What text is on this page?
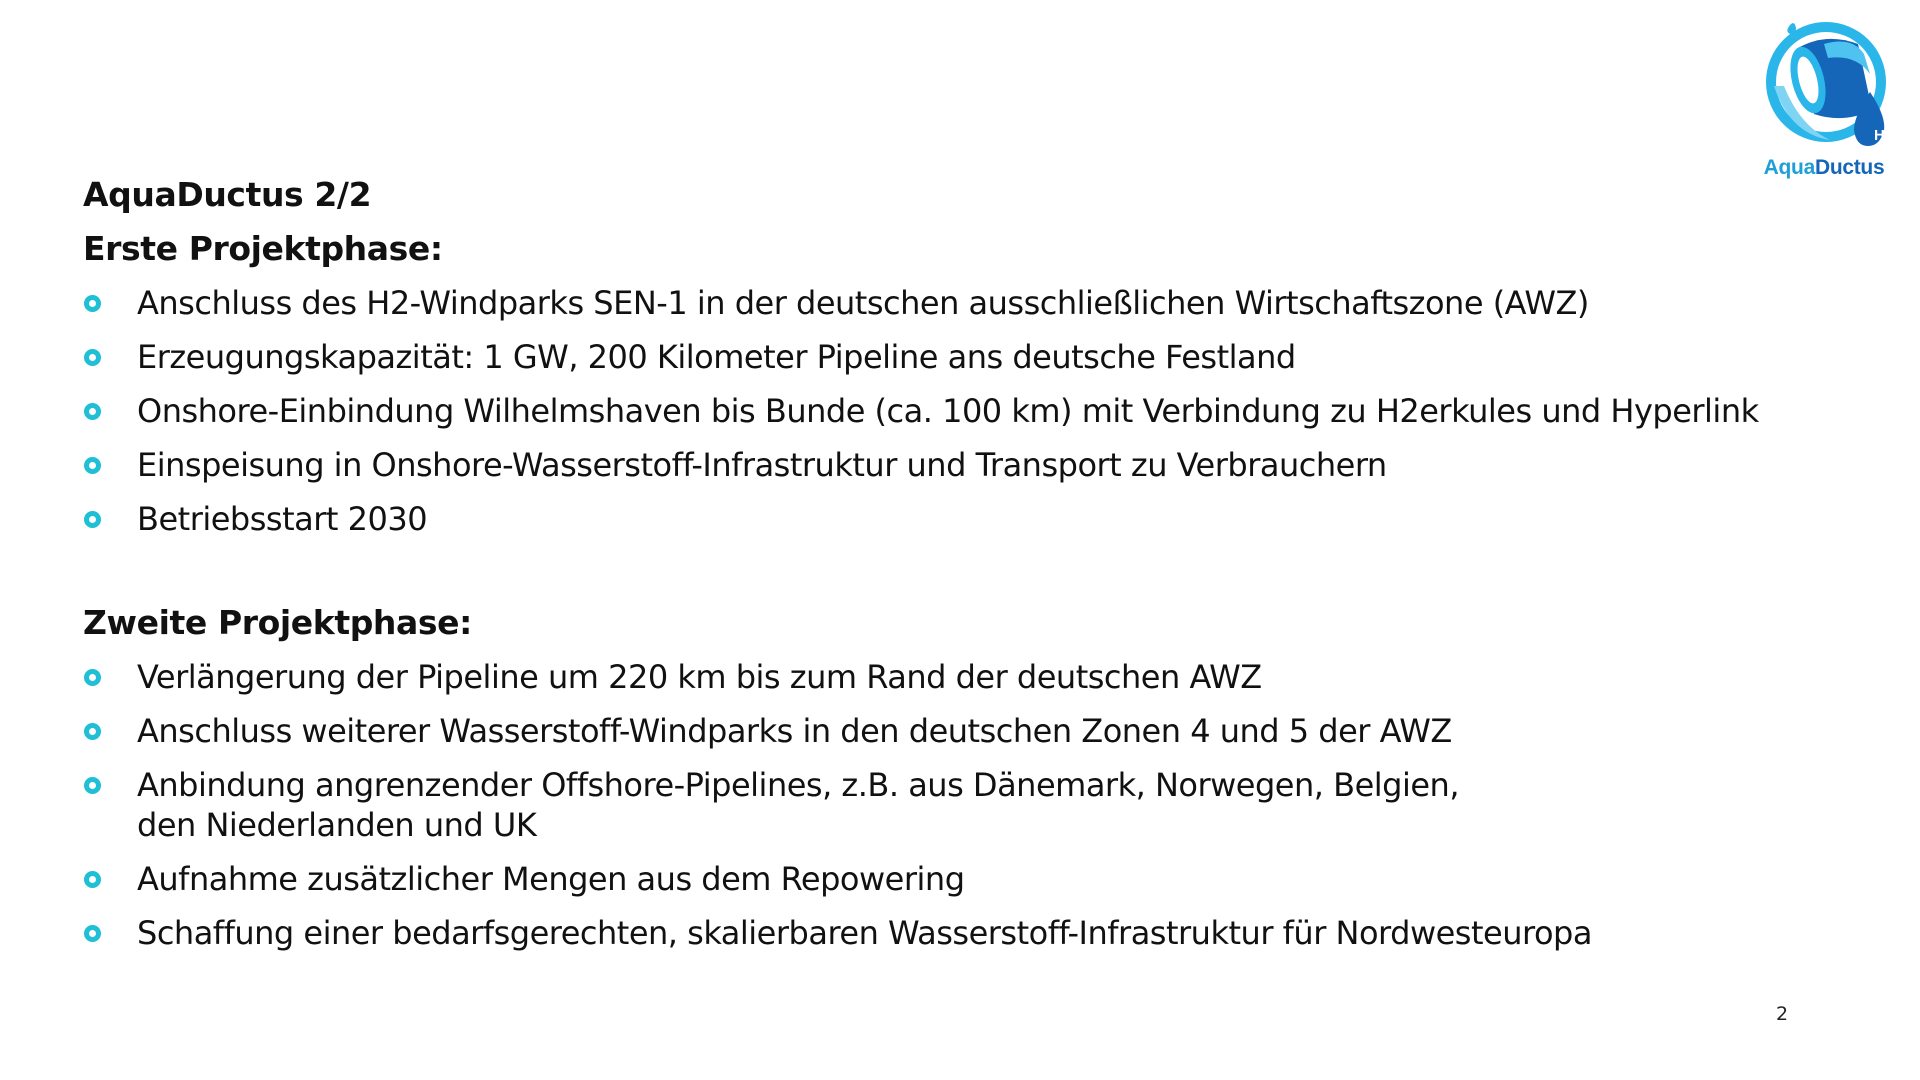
H 2
AquaDuctus
AquaDuctus 2/2
Erste Projektphase:
Anschluss des H2-Windparks SEN-1 in der deutschen ausschließlichen Wirtschaftszone (AWZ)
Erzeugungskapazität: 1 GW, 200 Kilometer Pipeline ans deutsche Festland
Onshore-Einbindung Wilhelmshaven bis Bunde (ca. 100 km) mit Verbindung zu H2erkules und Hyperlink
Einspeisung in Onshore-Wasserstoff-Infrastruktur und Transport zu Verbrauchern
Betriebsstart 2030
Zweite Projektphase:
Verlängerung der Pipeline um 220 km bis zum Rand der deutschen AWZ
Anschluss weiterer Wasserstoff-Windparks in den deutschen Zonen 4 und 5 der AWZ
Anbindung angrenzender Offshore-Pipelines, z.B. aus Dänemark, Norwegen, Belgien,
den Niederlanden und UK
Aufnahme zusätzlicher Mengen aus dem Repowering
Schaffung einer bedarfsgerechten, skalierbaren Wasserstoff-Infrastruktur für Nordwesteuropa
2
